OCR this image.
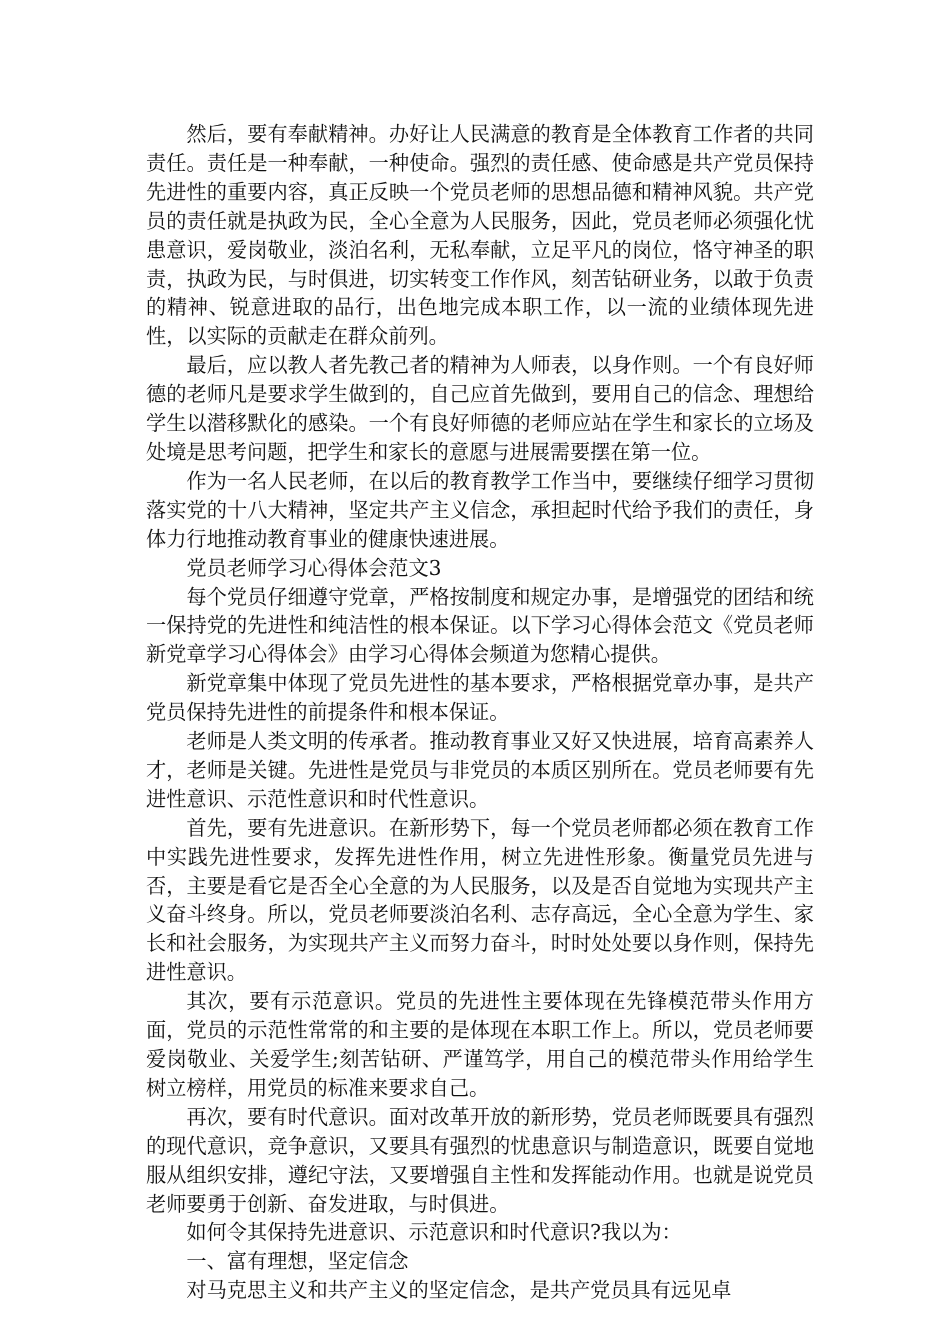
然后，要有奉献精神。办好让人民满意的教育是全体教育工作者的共同责任。责任是一种奉献，一种使命。强烈的责任感、使命感是共产党员保持先进性的重要内容，真正反映一个党员老师的思想品德和精神风貌。共产党员的责任就是执政为民，全心全意为人民服务，因此，党员老师必须强化忧患意识，爱岗敬业，淡泊名利，无私奉献，立足平凡的岗位，恪守神圣的职责，执政为民，与时俱进，切实转变工作作风，刻苦钻研业务，以敢于负责的精神、锐意进取的品行，出色地完成本职工作，以一流的业绩体现先进性，以实际的贡献走在群众前列。

最后，应以教人者先教己者的精神为人师表，以身作则。一个有良好师德的老师凡是要求学生做到的，自己应首先做到，要用自己的信念、理想给学生以潜移默化的感染。一个有良好师德的老师应站在学生和家长的立场及处境是思考问题，把学生和家长的意愿与进展需要摆在第一位。

作为一名人民老师，在以后的教育教学工作当中，要继续仔细学习贯彻落实党的十八大精神，坚定共产主义信念，承担起时代给予我们的责任，身体力行地推动教育事业的健康快速进展。

党员老师学习心得体会范文3

每个党员仔细遵守党章，严格按制度和规定办事，是增强党的团结和统一保持党的先进性和纯洁性的根本保证。以下学习心得体会范文《党员老师新党章学习心得体会》由学习心得体会频道为您精心提供。

新党章集中体现了党员先进性的基本要求，严格根据党章办事，是共产党员保持先进性的前提条件和根本保证。

老师是人类文明的传承者。推动教育事业又好又快进展，培育高素养人才，老师是关键。先进性是党员与非党员的本质区别所在。党员老师要有先进性意识、示范性意识和时代性意识。

首先，要有先进意识。在新形势下，每一个党员老师都必须在教育工作中实践先进性要求，发挥先进性作用，树立先进性形象。衡量党员先进与否，主要是看它是否全心全意的为人民服务，以及是否自觉地为实现共产主义奋斗终身。所以，党员老师要淡泊名利、志存高远，全心全意为学生、家长和社会服务，为实现共产主义而努力奋斗，时时处处要以身作则，保持先进性意识。

其次，要有示范意识。党员的先进性主要体现在先锋模范带头作用方面，党员的示范性常常的和主要的是体现在本职工作上。所以，党员老师要爱岗敬业、关爱学生;刻苦钻研、严谨笃学，用自己的模范带头作用给学生树立榜样，用党员的标准来要求自己。

再次，要有时代意识。面对改革开放的新形势，党员老师既要具有强烈的现代意识，竞争意识，又要具有强烈的忧患意识与制造意识，既要自觉地服从组织安排，遵纪守法，又要增强自主性和发挥能动作用。也就是说党员老师要勇于创新、奋发进取，与时俱进。

如何令其保持先进意识、示范意识和时代意识?我以为：

一、富有理想，坚定信念

对马克思主义和共产主义的坚定信念，是共产党员具有远见卓
